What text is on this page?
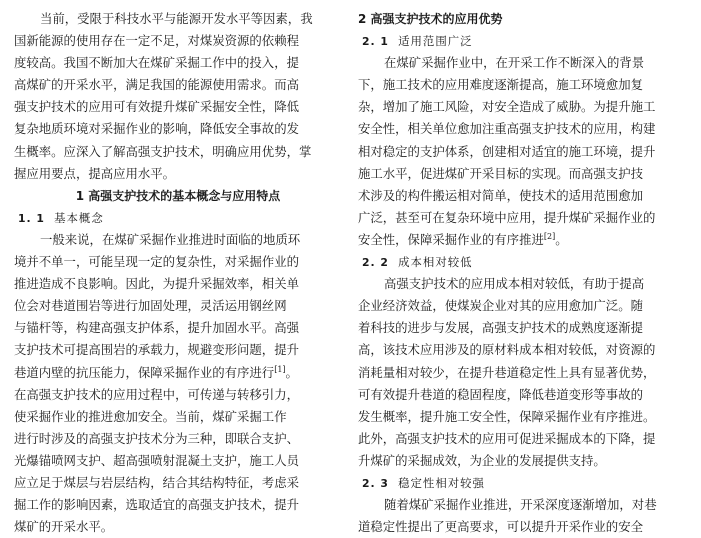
当前，受限于科技水平与能源开发水平等因素，我
国新能源的使用存在一定不足，对煤炭资源的依赖程
度较高。我国不断加大在煤矿采掘工作中的投入，提
高煤矿的开采水平，满足我国的能源使用需求。而高
强支护技术的应用可有效提升煤矿采掘安全性，降低
复杂地质环境对采掘作业的影响，降低安全事故的发
生概率。应深入了解高强支护技术，明确应用优势，掌
握应用要点，提高应用水平。
1 高强支护技术的基本概念与应用特点
1. 1 基本概念
一般来说，在煤矿采掘作业推进时面临的地质环
境并不单一，可能呈现一定的复杂性，对采掘作业的
推进造成不良影响。因此，为提升采掘效率，相关单
位会对巷道围岩等进行加固处理，灵活运用钢丝网
与锚杆等，构建高强支护体系，提升加固水平。高强
支护技术可提高围岩的承载力，规避变形问题，提升
巷道内壁的抗压能力，保障采掘作业的有序进行[1]。
在高强支护技术的应用过程中，可传递与转移引力，
使采掘作业的推进愈加安全。当前，煤矿采掘工作
进行时涉及的高强支护技术分为三种，即联合支护、
光爆锚喷网支护、超高强喷射混凝土支护，施工人员
应立足于煤层与岩层结构，结合其结构特征，考虑采
掘工作的影响因素，选取适宜的高强支护技术，提升
煤矿的开采水平。
2 高强支护技术的应用优势
2. 1 适用范围广泛
在煤矿采掘作业中，在开采工作不断深入的背景
下，施工技术的应用难度逐渐提高，施工环境愈加复
杂，增加了施工风险，对安全造成了威胁。为提升施工
安全性，相关单位愈加注重高强支护技术的应用，构建
相对稳定的支护体系，创建相对适宜的施工环境，提升
施工水平，促进煤矿开采目标的实现。而高强支护技
术涉及的构件搬运相对简单，使技术的适用范围愈加
广泛，甚至可在复杂环境中应用，提升煤矿采掘作业的
安全性，保障采掘作业的有序推进[2]。
2. 2 成本相对较低
高强支护技术的应用成本相对较低，有助于提高
企业经济效益，使煤炭企业对其的应用愈加广泛。随
着科技的进步与发展，高强支护技术的成熟度逐渐提
高，该技术应用涉及的原材料成本相对较低，对资源的
消耗量相对较少，在提升巷道稳定性上具有显著优势，
可有效提升巷道的稳固程度，降低巷道变形等事故的
发生概率，提升施工安全性，保障采掘作业有序推进。
此外，高强支护技术的应用可促进采掘成本的下降，提
升煤矿的采掘成效，为企业的发展提供支持。
2. 3 稳定性相对较强
随着煤矿采掘作业推进，开采深度逐渐增加，对巷
道稳定性提出了更高要求，可以提升开采作业的安全
